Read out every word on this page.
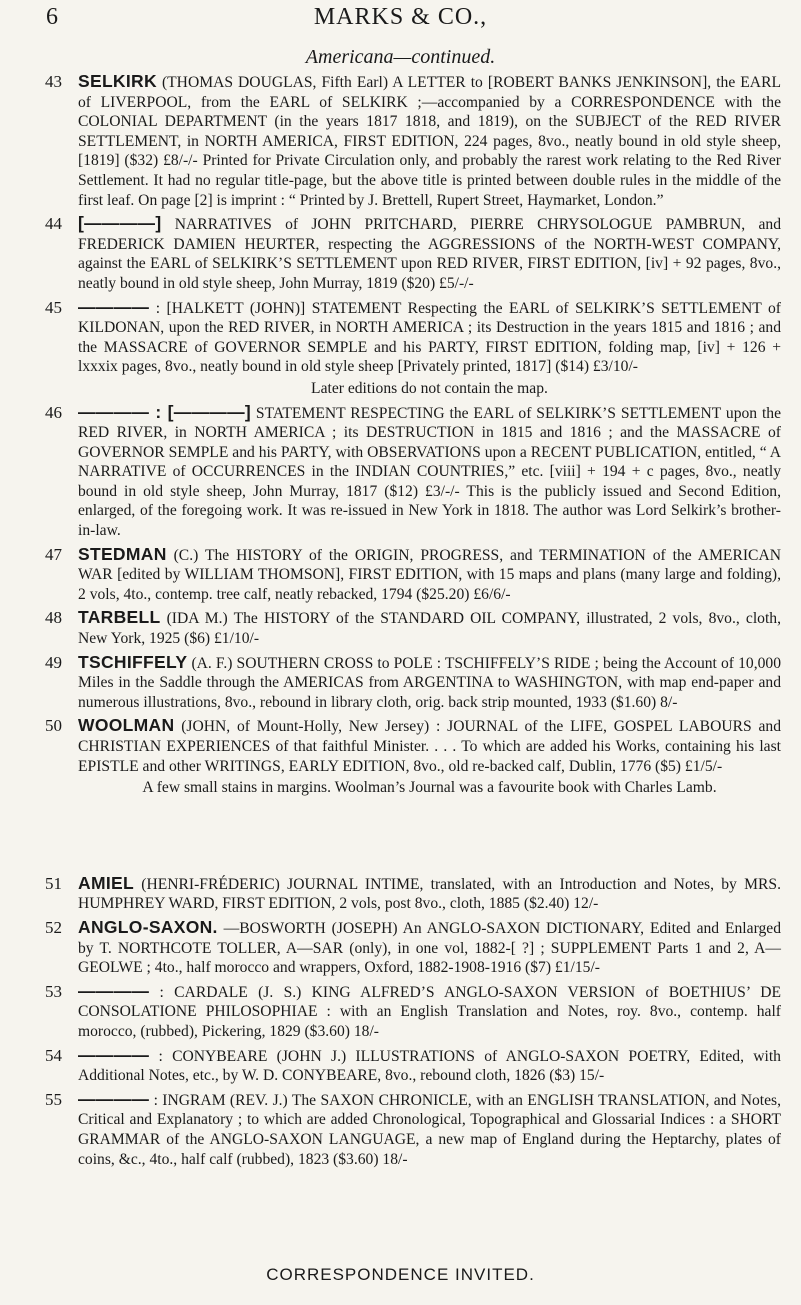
6	MARKS & CO.,
Americana—continued.
43 SELKIRK (THOMAS DOUGLAS, Fifth Earl) A LETTER to [ROBERT BANKS JENKINSON], the EARL of LIVERPOOL, from the EARL of SELKIRK ;—accompanied by a CORRESPONDENCE with the COLONIAL DEPARTMENT (in the years 1817 1818, and 1819), on the SUBJECT of the RED RIVER SETTLEMENT, in NORTH AMERICA, FIRST EDITION, 224 pages, 8vo., neatly bound in old style sheep, [1819] ($32) £8/-/- Printed for Private Circulation only, and probably the rarest work relating to the Red River Settlement. It had no regular title-page, but the above title is printed between double rules in the middle of the first leaf. On page [2] is imprint : “ Printed by J. Brettell, Rupert Street, Haymarket, London.”
44 [————] NARRATIVES of JOHN PRITCHARD, PIERRE CHRYSOLOGUE PAMBRUN, and FREDERICK DAMIEN HEURTER, respecting the AGGRESSIONS of the NORTH-WEST COMPANY, against the EARL of SELKIRK’S SETTLEMENT upon RED RIVER, FIRST EDITION, [iv] + 92 pages, 8vo., neatly bound in old style sheep, John Murray, 1819 ($20) £5/-/-
45 ———— : [HALKETT (JOHN)] STATEMENT Respecting the EARL of SELKIRK’S SETTLEMENT of KILDONAN, upon the RED RIVER, in NORTH AMERICA ; its Destruction in the years 1815 and 1816 ; and the MASSACRE of GOVERNOR SEMPLE and his PARTY, FIRST EDITION, folding map, [iv] + 126 + lxxxix pages, 8vo., neatly bound in old style sheep [Privately printed, 1817] ($14) £3/10/-
Later editions do not contain the map.
46 ———— : [————] STATEMENT RESPECTING the EARL of SELKIRK’S SETTLEMENT upon the RED RIVER, in NORTH AMERICA ; its DESTRUCTION in 1815 and 1816 ; and the MASSACRE of GOVERNOR SEMPLE and his PARTY, with OBSERVATIONS upon a RECENT PUBLICATION, entitled, “ A NARRATIVE of OCCURRENCES in the INDIAN COUNTRIES,” etc. [viii] + 194 + c pages, 8vo., neatly bound in old style sheep, John Murray, 1817 ($12) £3/-/- This is the publicly issued and Second Edition, enlarged, of the foregoing work. It was re-issued in New York in 1818. The author was Lord Selkirk’s brother-in-law.
47 STEDMAN (C.) The HISTORY of the ORIGIN, PROGRESS, and TERMINATION of the AMERICAN WAR [edited by WILLIAM THOMSON], FIRST EDITION, with 15 maps and plans (many large and folding), 2 vols, 4to., contemp. tree calf, neatly rebacked, 1794 ($25.20) £6/6/-
48 TARBELL (IDA M.) The HISTORY of the STANDARD OIL COMPANY, illustrated, 2 vols, 8vo., cloth, New York, 1925 ($6) £1/10/-
49 TSCHIFFELY (A. F.) SOUTHERN CROSS to POLE : TSCHIFFELY’S RIDE ; being the Account of 10,000 Miles in the Saddle through the AMERICAS from ARGENTINA to WASHINGTON, with map end-paper and numerous illustrations, 8vo., rebound in library cloth, orig. back strip mounted, 1933 ($1.60) 8/-
50 WOOLMAN (JOHN, of Mount-Holly, New Jersey) : JOURNAL of the LIFE, GOSPEL LABOURS and CHRISTIAN EXPERIENCES of that faithful Minister. . . . To which are added his Works, containing his last EPISTLE and other WRITINGS, EARLY EDITION, 8vo., old re-backed calf, Dublin, 1776 ($5) £1/5/-
A few small stains in margins. Woolman’s Journal was a favourite book with Charles Lamb.
51 AMIEL (HENRI-FRÉDERIC) JOURNAL INTIME, translated, with an Introduction and Notes, by MRS. HUMPHREY WARD, FIRST EDITION, 2 vols, post 8vo., cloth, 1885 ($2.40) 12/-
52 ANGLO-SAXON. —BOSWORTH (JOSEPH) An ANGLO-SAXON DICTIONARY, Edited and Enlarged by T. NORTHCOTE TOLLER, A—SAR (only), in one vol, 1882-[ ?] ; SUPPLEMENT Parts 1 and 2, A—GEOLWE ; 4to., half morocco and wrappers, Oxford, 1882-1908-1916 ($7) £1/15/-
53 ———— : CARDALE (J. S.) KING ALFRED’S ANGLO-SAXON VERSION of BOETHIUS’ DE CONSOLATIONE PHILOSOPHIAE : with an English Translation and Notes, roy. 8vo., contemp. half morocco, (rubbed), Pickering, 1829 ($3.60) 18/-
54 ———— : CONYBEARE (JOHN J.) ILLUSTRATIONS of ANGLO-SAXON POETRY, Edited, with Additional Notes, etc., by W. D. CONYBEARE, 8vo., rebound cloth, 1826 ($3) 15/-
55 ———— : INGRAM (REV. J.) The SAXON CHRONICLE, with an ENGLISH TRANSLATION, and Notes, Critical and Explanatory ; to which are added Chronological, Topographical and Glossarial Indices : a SHORT GRAMMAR of the ANGLO-SAXON LANGUAGE, a new map of England during the Heptarchy, plates of coins, &c., 4to., half calf (rubbed), 1823 ($3.60) 18/-
CORRESPONDENCE INVITED.
